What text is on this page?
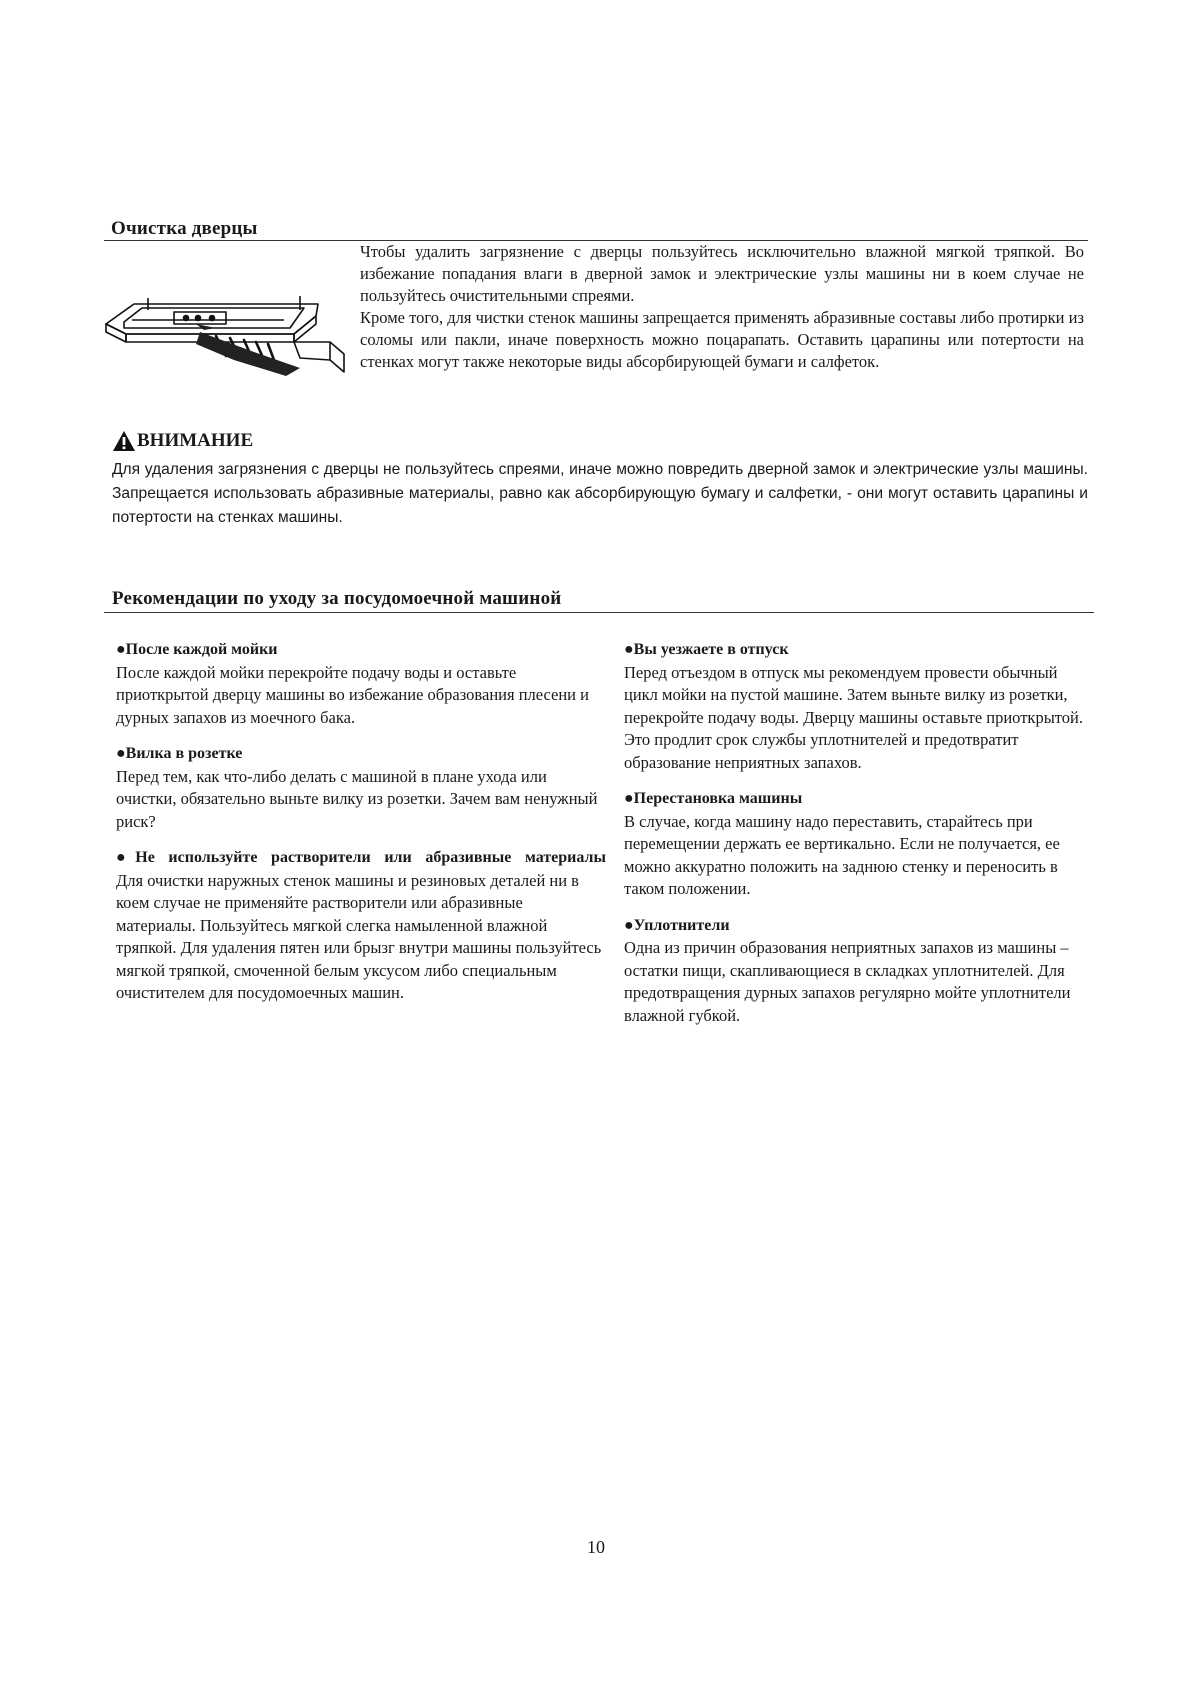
Очистка дверцы

Чтобы удалить загрязнение с дверцы пользуйтесь исключительно влажной мягкой тряпкой. Во избежание попадания влаги в дверной замок и электрические узлы машины ни в коем случае не пользуйтесь очистительными спреями.

Кроме того, для чистки стенок машины запрещается применять абразивные составы либо протирки из соломы или пакли, иначе поверхность можно поцарапать. Оставить царапины или потертости на стенках могут также некоторые виды абсорбирующей бумаги и салфеток.

ВНИМАНИЕ

Для удаления загрязнения с дверцы не пользуйтесь спреями, иначе можно повредить дверной замок и электрические узлы машины. Запрещается использовать абразивные материалы, равно как абсорбирующую бумагу и салфетки, - они могут оставить царапины и потертости на стенках машины.

Рекомендации по уходу за посудомоечной машиной
●После каждой мойки

После каждой мойки перекройте подачу воды и оставьте приоткрытой дверцу машины во избежание образования плесени и дурных запахов из моечного бака.

●Вилка в розетке

Перед тем, как что-либо делать с машиной в плане ухода или очистки, обязательно выньте вилку из розетки. Зачем вам ненужный риск?

●Не используйте растворители или абразивные материалы

Для очистки наружных стенок машины и резиновых деталей ни в коем случае не применяйте растворители или абразивные материалы. Пользуйтесь мягкой слегка намыленной влажной тряпкой. Для удаления пятен или брызг внутри машины пользуйтесь мягкой тряпкой, смоченной белым уксусом либо специальным очистителем для посудомоечных машин.

●Вы уезжаете в отпуск

Перед отъездом в отпуск мы рекомендуем провести обычный цикл мойки на пустой машине. Затем выньте вилку из розетки, перекройте подачу воды. Дверцу машины оставьте приоткрытой. Это продлит срок службы уплотнителей и предотвратит образование неприятных запахов.

●Перестановка машины

В случае, когда машину надо переставить, старайтесь при перемещении держать ее вертикально. Если не получается, ее можно аккуратно положить на заднюю стенку и переносить в таком положении.

●Уплотнители

Одна из причин образования неприятных запахов из машины – остатки пищи, скапливающиеся в складках уплотнителей. Для предотвращения дурных запахов регулярно мойте уплотнители влажной губкой.

10
